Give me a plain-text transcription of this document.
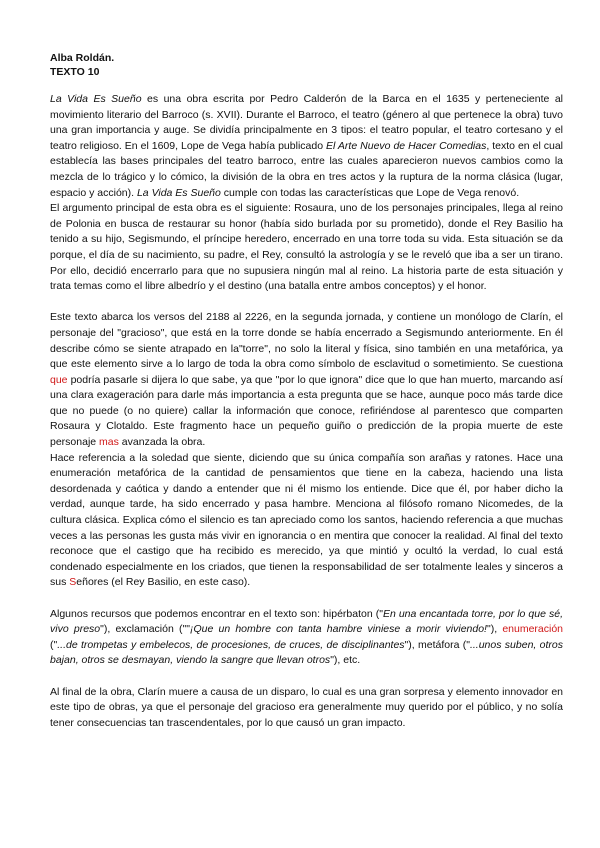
Alba Roldán.
TEXTO 10

La Vida Es Sueño es una obra escrita por Pedro Calderón de la Barca en el 1635 y perteneciente al movimiento literario del Barroco (s. XVII). Durante el Barroco, el teatro (género al que pertenece la obra) tuvo una gran importancia y auge. Se dividía principalmente en 3 tipos: el teatro popular, el teatro cortesano y el teatro religioso. En el 1609, Lope de Vega había publicado El Arte Nuevo de Hacer Comedias, texto en el cual establecía las bases principales del teatro barroco, entre las cuales aparecieron nuevos cambios como la mezcla de lo trágico y lo cómico, la división de la obra en tres actos y la ruptura de la norma clásica (lugar, espacio y acción). La Vida Es Sueño cumple con todas las características que Lope de Vega renovó.

El argumento principal de esta obra es el siguiente: Rosaura, uno de los personajes principales, llega al reino de Polonia en busca de restaurar su honor (había sido burlada por su prometido), donde el Rey Basilio ha tenido a su hijo, Segismundo, el príncipe heredero, encerrado en una torre toda su vida. Esta situación se da porque, el día de su nacimiento, su padre, el Rey, consultó la astrología y se le reveló que iba a ser un tirano. Por ello, decidió encerrarlo para que no supusiera ningún mal al reino. La historia parte de esta situación y trata temas como el libre albedrío y el destino (una batalla entre ambos conceptos) y el honor.

Este texto abarca los versos del 2188 al 2226, en la segunda jornada, y contiene un monólogo de Clarín, el personaje del "gracioso", que está en la torre donde se había encerrado a Segismundo anteriormente. En él describe cómo se siente atrapado en la"torre", no solo la literal y física, sino también en una metafórica, ya que este elemento sirve a lo largo de toda la obra como símbolo de esclavitud o sometimiento. Se cuestiona que podría pasarle si dijera lo que sabe, ya que "por lo que ignora" dice que lo que han muerto, marcando así una clara exageración para darle más importancia a esta pregunta que se hace, aunque poco más tarde dice que no puede (o no quiere) callar la información que conoce, refiriéndose al parentesco que comparten Rosaura y Clotaldo. Este fragmento hace un pequeño guiño o predicción de la propia muerte de este personaje mas avanzada la obra.

Hace referencia a la soledad que siente, diciendo que su única compañía son arañas y ratones. Hace una enumeración metafórica de la cantidad de pensamientos que tiene en la cabeza, haciendo una lista desordenada y caótica y dando a entender que ni él mismo los entiende. Dice que él, por haber dicho la verdad, aunque tarde, ha sido encerrado y pasa hambre. Menciona al filósofo romano Nicomedes, de la cultura clásica. Explica cómo el silencio es tan apreciado como los santos, haciendo referencia a que muchas veces a las personas les gusta más vivir en ignorancia o en mentira que conocer la realidad. Al final del texto reconoce que el castigo que ha recibido es merecido, ya que mintió y ocultó la verdad, lo cual está condenado especialmente en los criados, que tienen la responsabilidad de ser totalmente leales y sinceros a sus Señores (el Rey Basilio, en este caso).

Algunos recursos que podemos encontrar en el texto son: hipérbaton ("En una encantada torre, por lo que sé, vivo preso"), exclamación (""¡Que un hombre con tanta hambre viniese a morir viviendo!"), enumeración ("...de trompetas y embelecos, de procesiones, de cruces, de disciplinantes"), metáfora ("...unos suben, otros bajan, otros se desmayan, viendo la sangre que llevan otros"), etc.

Al final de la obra, Clarín muere a causa de un disparo, lo cual es una gran sorpresa y elemento innovador en este tipo de obras, ya que el personaje del gracioso era generalmente muy querido por el público, y no solía tener consecuencias tan trascendentales, por lo que causó un gran impacto.
